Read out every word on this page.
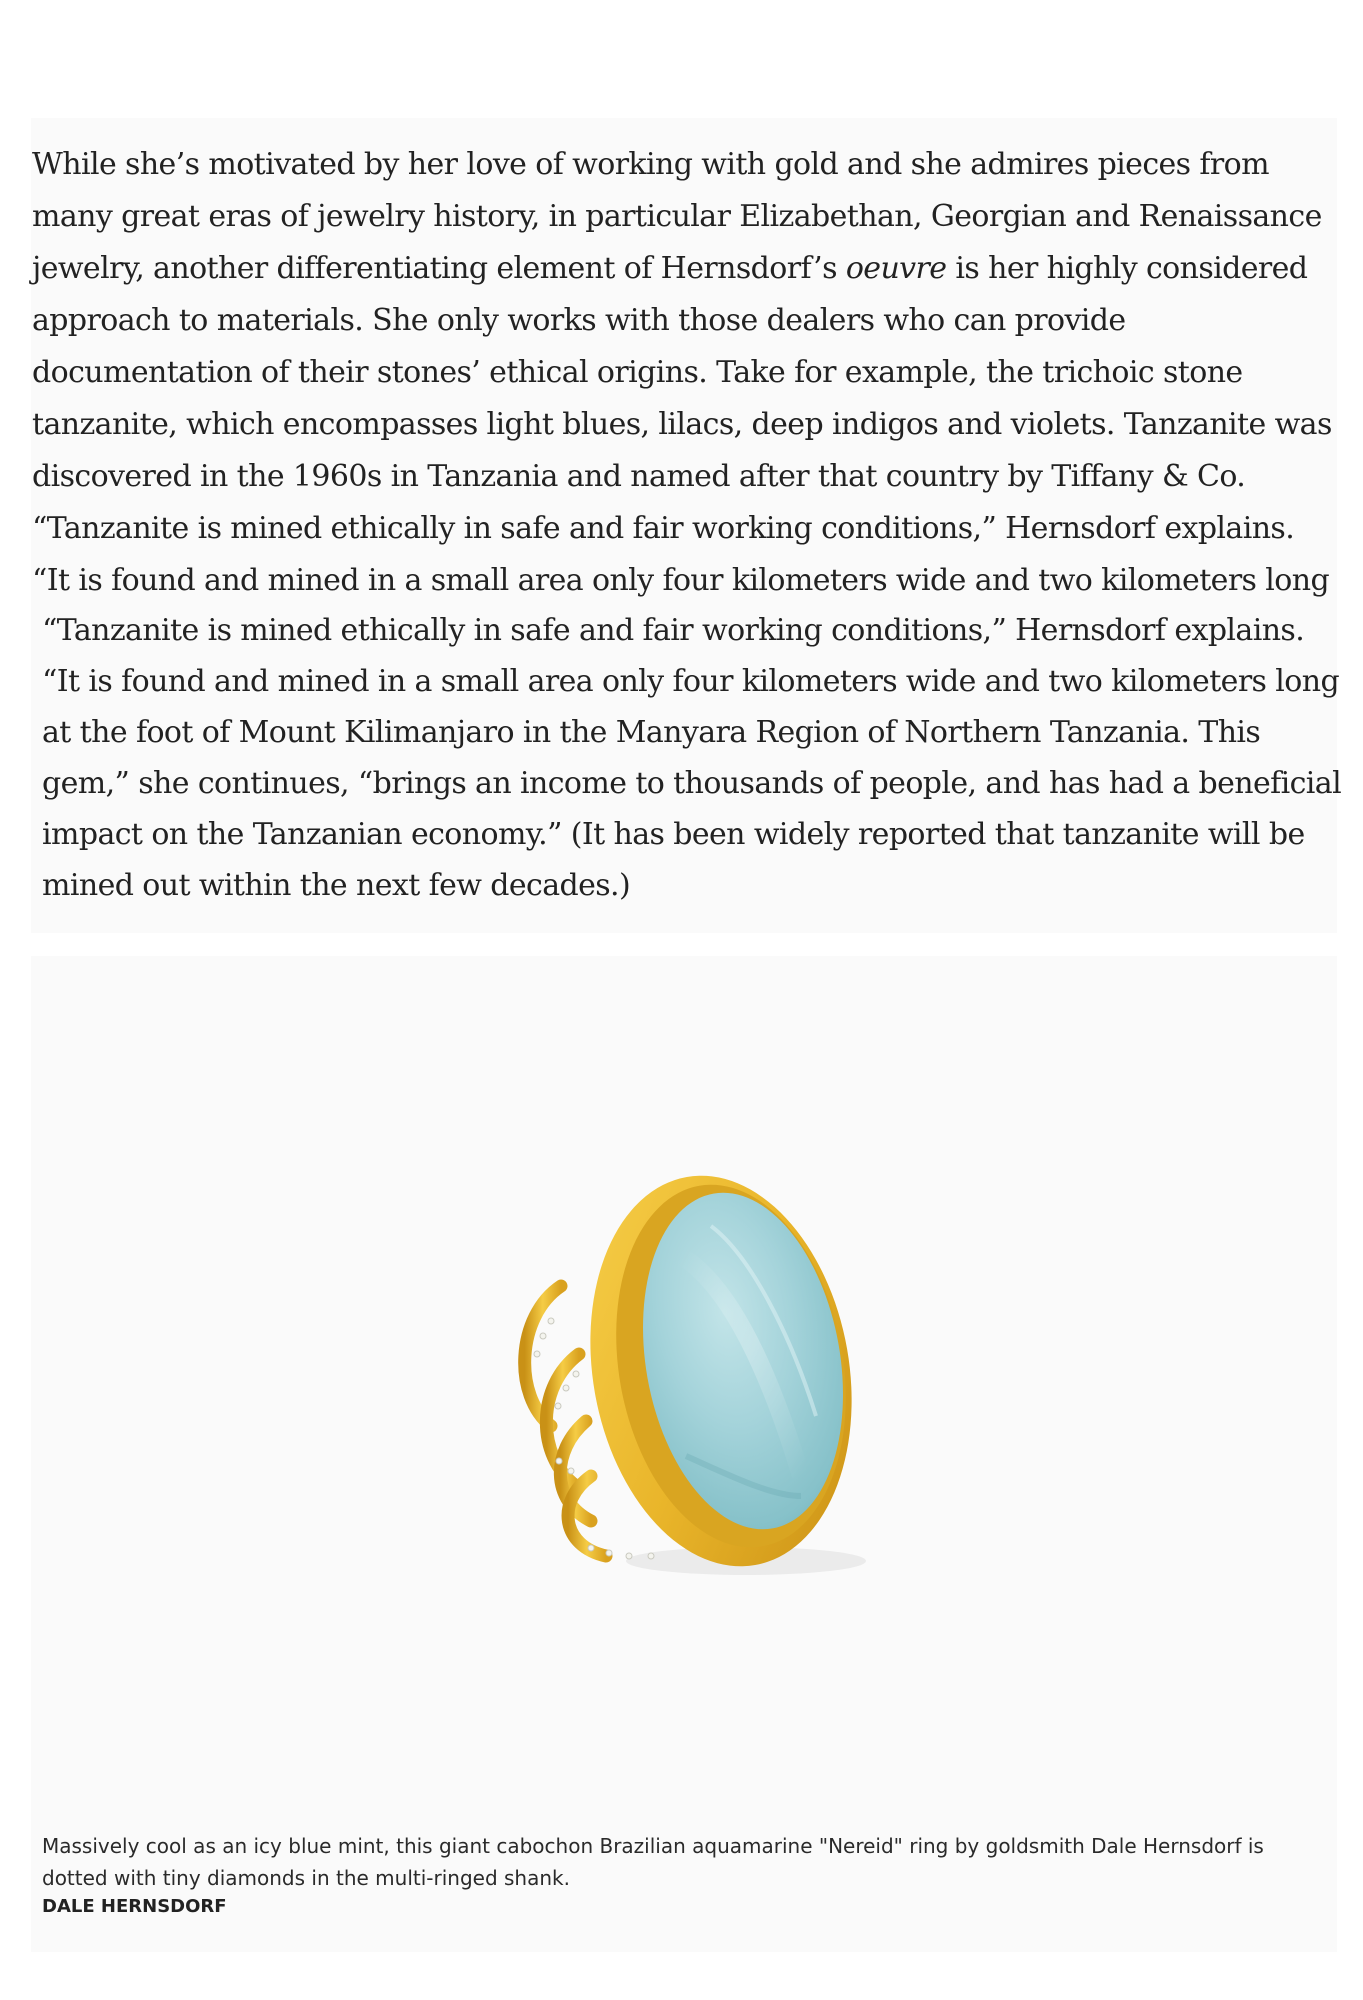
While she’s motivated by her love of working with gold and she admires pieces from
many great eras of jewelry history, in particular Elizabethan, Georgian and Renaissance
jewelry, another differentiating element of Hernsdorf’s oeuvre is her highly considered
approach to materials. She only works with those dealers who can provide
documentation of their stones’ ethical origins. Take for example, the trichoic stone
tanzanite, which encompasses light blues, lilacs, deep indigos and violets. Tanzanite was
discovered in the 1960s in Tanzania and named after that country by Tiffany & Co.
“Tanzanite is mined ethically in safe and fair working conditions,” Hernsdorf explains.
“It is found and mined in a small area only four kilometers wide and two kilometers long

“Tanzanite is mined ethically in safe and fair working conditions,” Hernsdorf explains.
“It is found and mined in a small area only four kilometers wide and two kilometers long
at the foot of Mount Kilimanjaro in the Manyara Region of Northern Tanzania. This
gem,” she continues, “brings an income to thousands of people, and has had a beneficial
impact on the Tanzanian economy.” (It has been widely reported that tanzanite will be
mined out within the next few decades.)

Massively cool as an icy blue mint, this giant cabochon Brazilian aquamarine "Nereid" ring by goldsmith Dale Hernsdorf is dotted with tiny diamonds in the multi-ringed shank.

DALE HERNSDORF
